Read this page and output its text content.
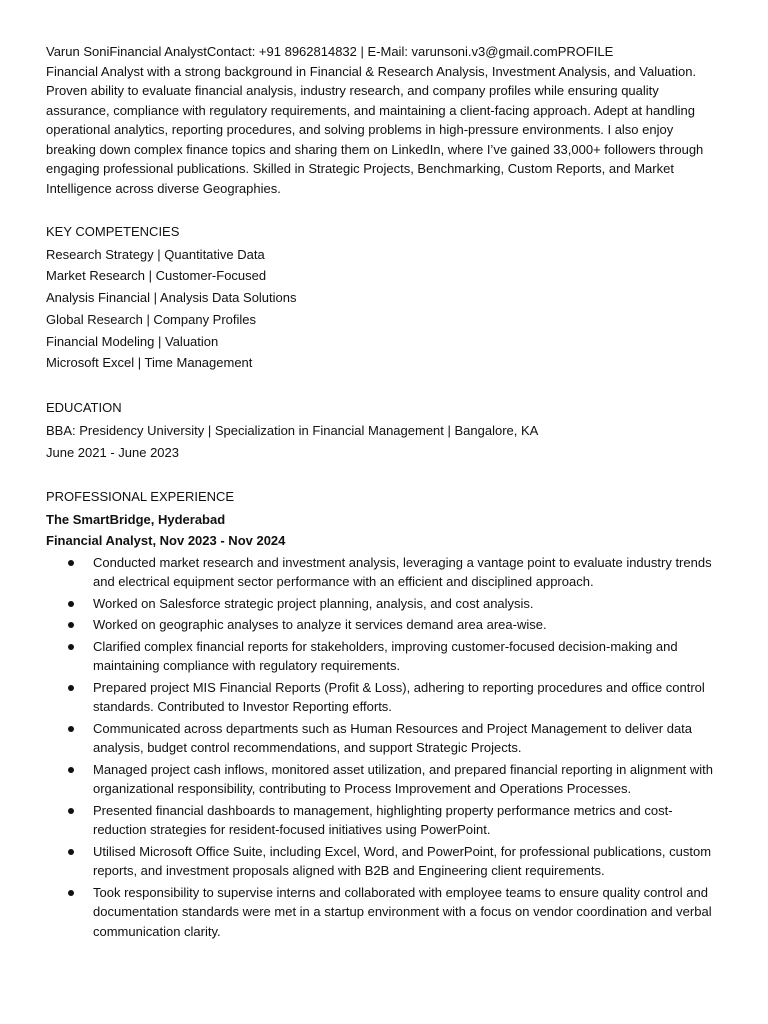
Varun SoniFinancial AnalystContact: +91 8962814832 | E-Mail: varunsoni.v3@gmail.comPROFILE

Financial Analyst with a strong background in Financial & Research Analysis, Investment Analysis, and Valuation. Proven ability to evaluate financial analysis, industry research, and company profiles while ensuring quality assurance, compliance with regulatory requirements, and maintaining a client-facing approach. Adept at handling operational analytics, reporting procedures, and solving problems in high-pressure environments. I also enjoy breaking down complex finance topics and sharing them on LinkedIn, where I’ve gained 33,000+ followers through engaging professional publications. Skilled in Strategic Projects, Benchmarking, Custom Reports, and Market Intelligence across diverse Geographies.

KEY COMPETENCIES
Research Strategy | Quantitative Data
Market Research | Customer-Focused
Analysis Financial | Analysis Data Solutions
Global Research | Company Profiles
Financial Modeling | Valuation
Microsoft Excel | Time Management
EDUCATION

BBA: Presidency University | Specialization in Financial Management | Bangalore, KA

June 2021 - June 2023

PROFESSIONAL EXPERIENCE

The SmartBridge, Hyderabad

Financial Analyst, Nov 2023 - Nov 2024

Conducted market research and investment analysis, leveraging a vantage point to evaluate industry trends and electrical equipment sector performance with an efficient and disciplined approach.
Worked on Salesforce strategic project planning, analysis, and cost analysis.
Worked on geographic analyses to analyze it services demand area area-wise.
Clarified complex financial reports for stakeholders, improving customer-focused decision-making and maintaining compliance with regulatory requirements.
Prepared project MIS Financial Reports (Profit & Loss), adhering to reporting procedures and office control standards. Contributed to Investor Reporting efforts.
Communicated across departments such as Human Resources and Project Management to deliver data analysis, budget control recommendations, and support Strategic Projects.
Managed project cash inflows, monitored asset utilization, and prepared financial reporting in alignment with organizational responsibility, contributing to Process Improvement and Operations Processes.
Presented financial dashboards to management, highlighting property performance metrics and cost-reduction strategies for resident-focused initiatives using PowerPoint.
Utilised Microsoft Office Suite, including Excel, Word, and PowerPoint, for professional publications, custom reports, and investment proposals aligned with B2B and Engineering client requirements.
Took responsibility to supervise interns and collaborated with employee teams to ensure quality control and documentation standards were met in a startup environment with a focus on vendor coordination and verbal communication clarity.
